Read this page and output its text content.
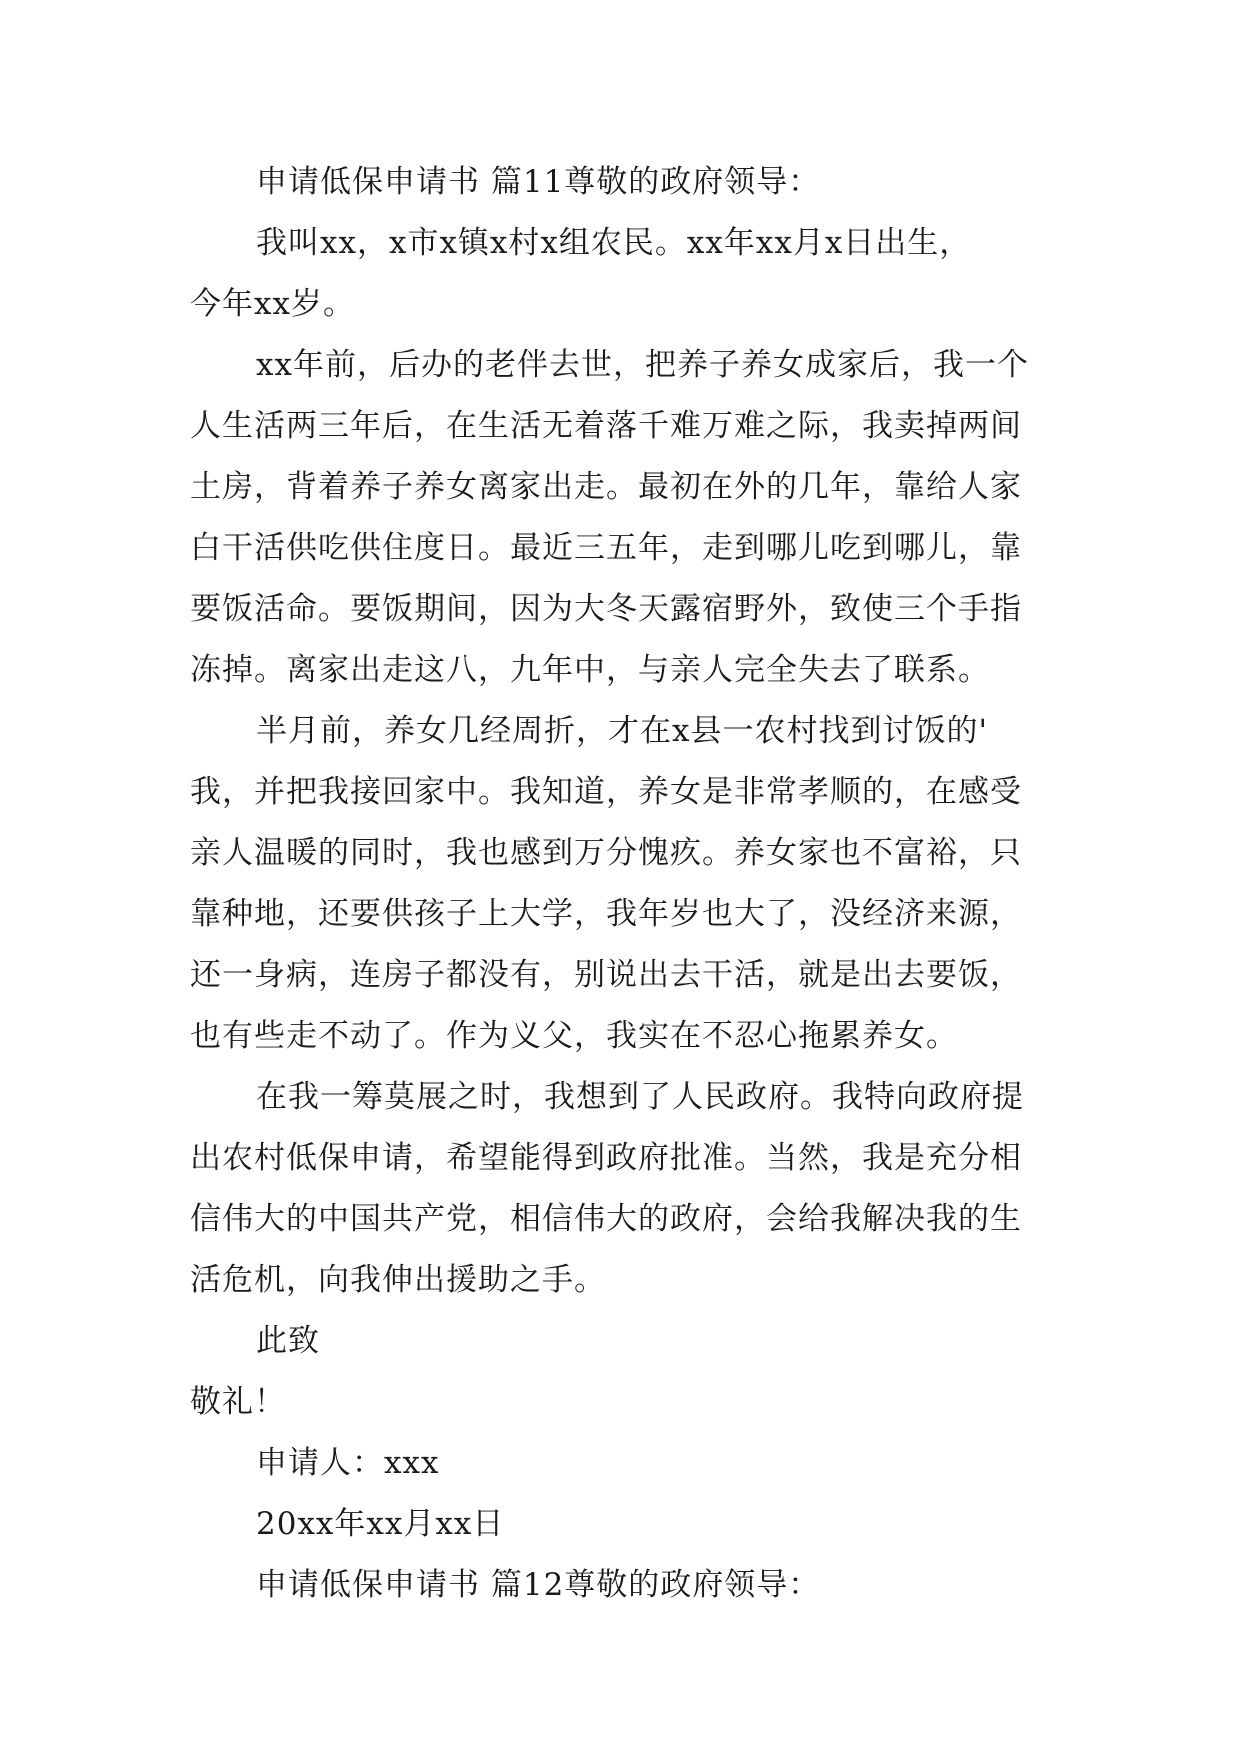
申请低保申请书 篇11尊敬的政府领导：
我叫xx，x市x镇x村x组农民。xx年xx月x日出生，
今年xx岁。
xx年前，后办的老伴去世，把养子养女成家后，我一个
人生活两三年后，在生活无着落千难万难之际，我卖掉两间
土房，背着养子养女离家出走。最初在外的几年，靠给人家
白干活供吃供住度日。最近三五年，走到哪儿吃到哪儿，靠
要饭活命。要饭期间，因为大冬天露宿野外，致使三个手指
冻掉。离家出走这八，九年中，与亲人完全失去了联系。
半月前，养女几经周折，才在x县一农村找到讨饭的'
我，并把我接回家中。我知道，养女是非常孝顺的，在感受
亲人温暖的同时，我也感到万分愧疚。养女家也不富裕，只
靠种地，还要供孩子上大学，我年岁也大了，没经济来源，
还一身病，连房子都没有，别说出去干活，就是出去要饭，
也有些走不动了。作为义父，我实在不忍心拖累养女。
在我一筹莫展之时，我想到了人民政府。我特向政府提
出农村低保申请，希望能得到政府批准。当然，我是充分相
信伟大的中国共产党，相信伟大的政府，会给我解决我的生
活危机，向我伸出援助之手。
此致
敬礼！
申请人：xxx
20xx年xx月xx日
申请低保申请书 篇12尊敬的政府领导：
